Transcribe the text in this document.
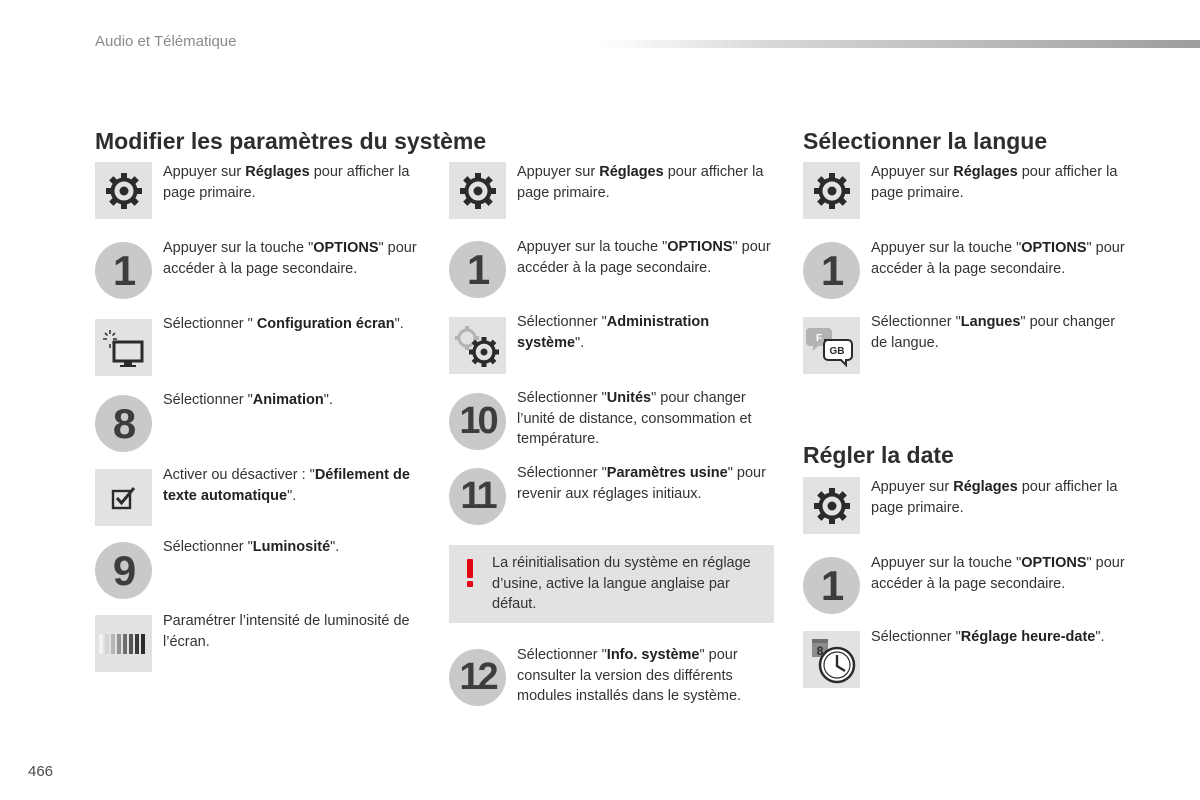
Audio et Télématique
Modifier les paramètres du système	Sélectionner la langue
Régler la date
Appuyer sur Réglages pour afficher la page primaire.
1	Appuyer sur la touche "OPTIONS" pour accéder à la page secondaire.
Sélectionner " Configuration écran".
8	Sélectionner "Animation".
Activer ou désactiver : "Défilement de texte automatique".
9	Sélectionner "Luminosité".
Paramétrer l’intensité de luminosité de l’écran.
Appuyer sur Réglages pour afficher la page primaire.
1	Appuyer sur la touche "OPTIONS" pour accéder à la page secondaire.
Sélectionner "Administration système".
10
Sélectionner "Unités" pour changer l’unité de distance, consommation et température.
11
Sélectionner "Paramètres usine" pour revenir aux réglages initiaux.
La réinitialisation du système en réglage d’usine, active la langue anglaise par défaut.
12
Sélectionner "Info. système" pour consulter la version des différents modules installés dans le système.
Appuyer sur Réglages pour afficher la page primaire.
1	Appuyer sur la touche "OPTIONS" pour accéder à la page secondaire.
F
GB
Sélectionner "Langues" pour changer de langue.
Appuyer sur Réglages pour afficher la page primaire.
1	Appuyer sur la touche "OPTIONS" pour accéder à la page secondaire.
8
Sélectionner "Réglage heure-date".
466
